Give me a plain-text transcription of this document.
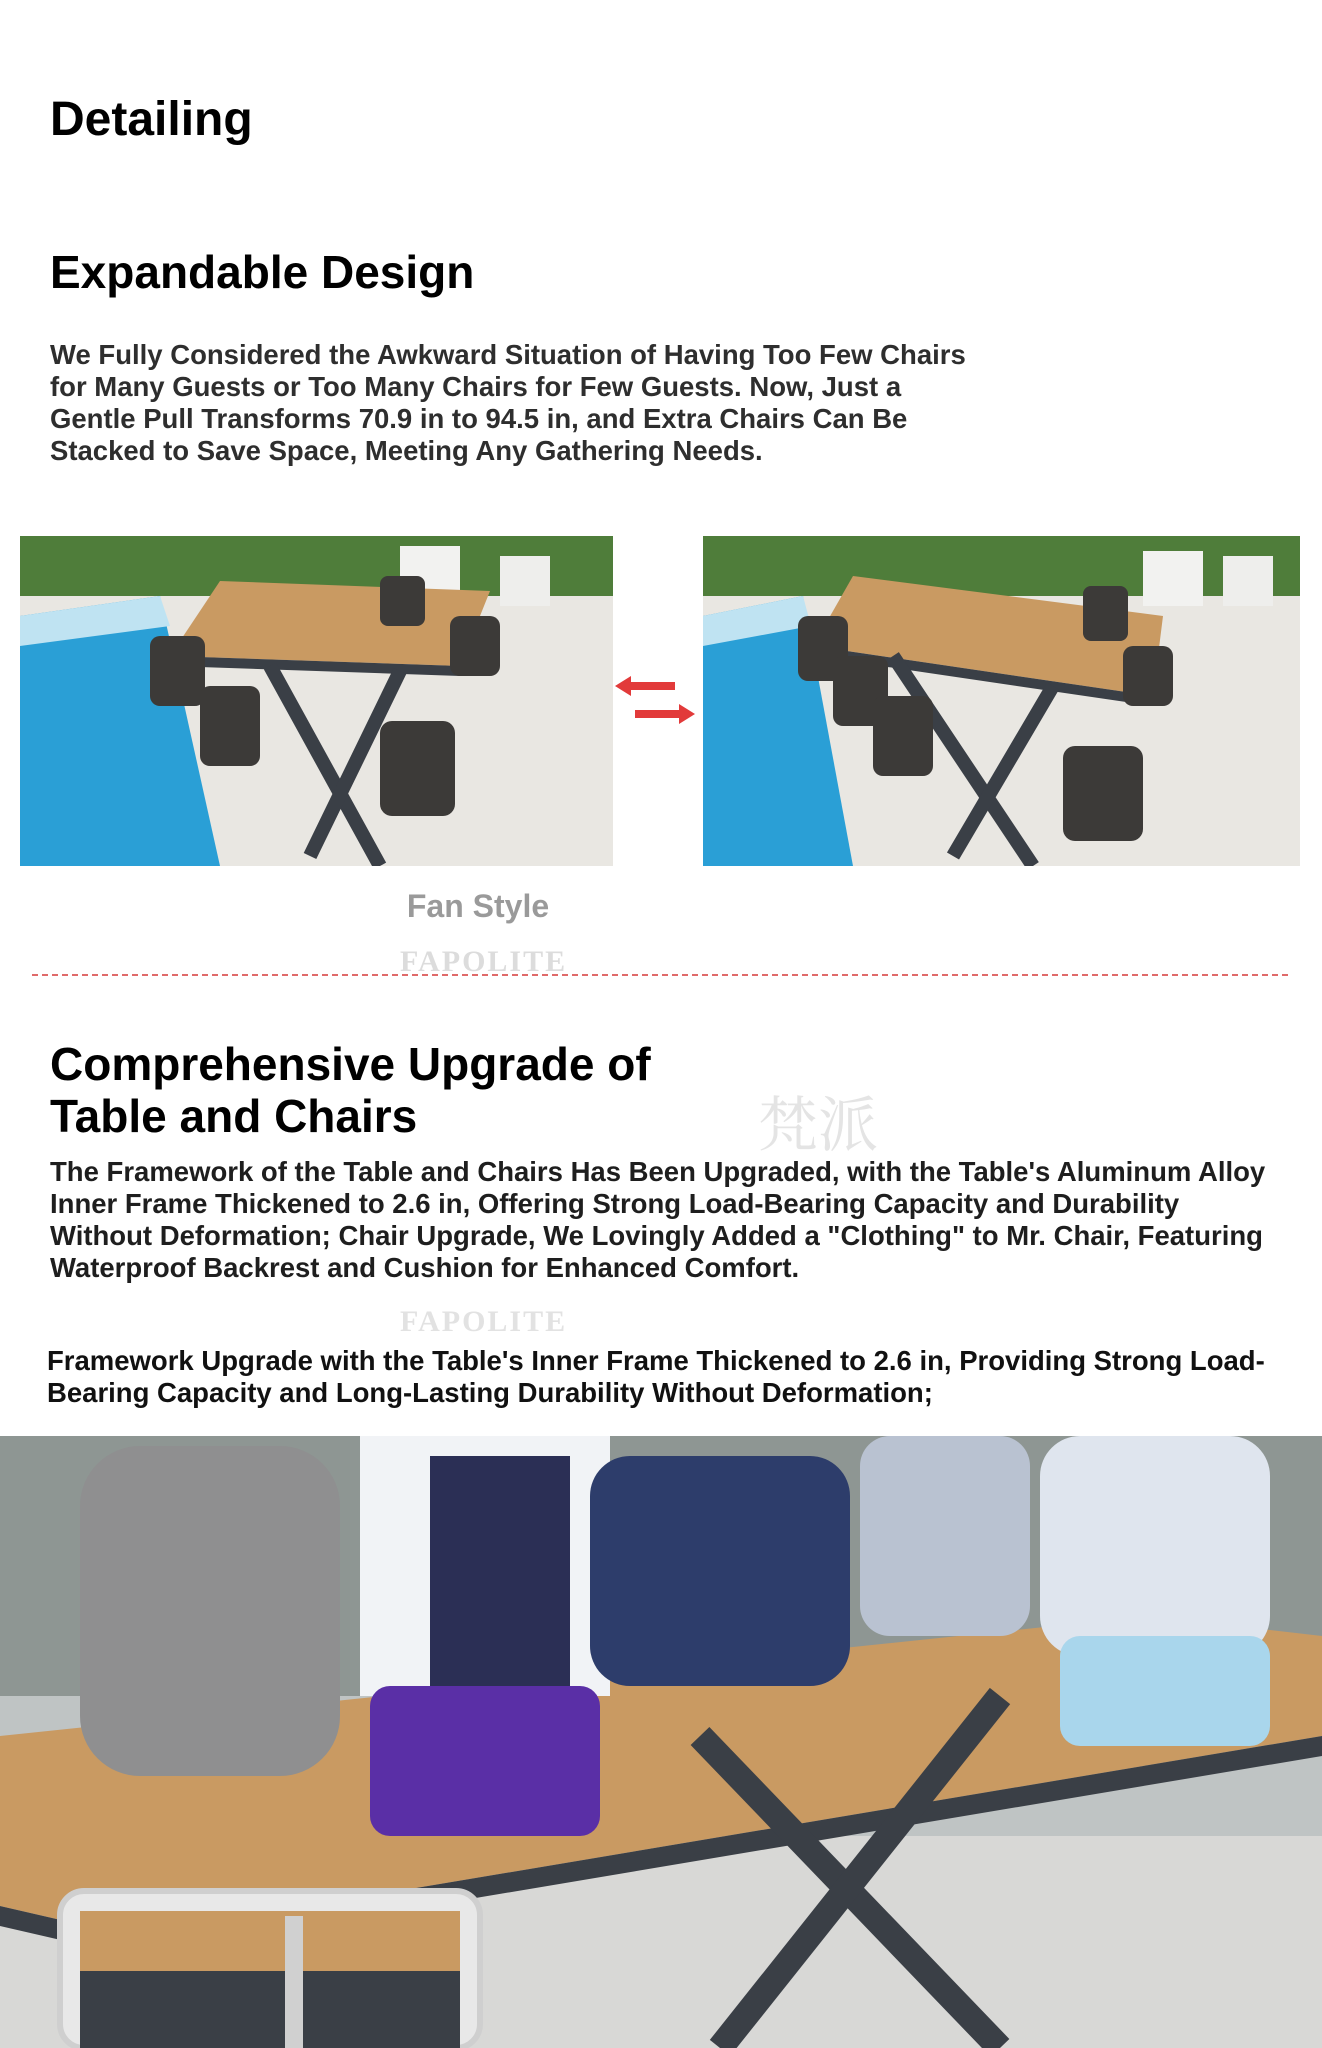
Detailing
Expandable Design

We Fully Considered the Awkward Situation of Having Too Few Chairs for Many Guests or Too Many Chairs for Few Guests. Now, Just a Gentle Pull Transforms 70.9 in to 94.5 in, and Extra Chairs Can Be Stacked to Save Space, Meeting Any Gathering Needs.

Fan Style
FAPOLITE
梵派
Comprehensive Upgrade of Table and Chairs

The Framework of the Table and Chairs Has Been Upgraded, with the Table's Aluminum Alloy Inner Frame Thickened to 2.6 in, Offering Strong Load-Bearing Capacity and Durability Without Deformation; Chair Upgrade, We Lovingly Added a "Clothing" to Mr. Chair, Featuring Waterproof Backrest and Cushion for Enhanced Comfort.

FAPOLITE

Framework Upgrade with the Table's Inner Frame Thickened to 2.6 in, Providing Strong Load-Bearing Capacity and Long-Lasting Durability Without Deformation;
